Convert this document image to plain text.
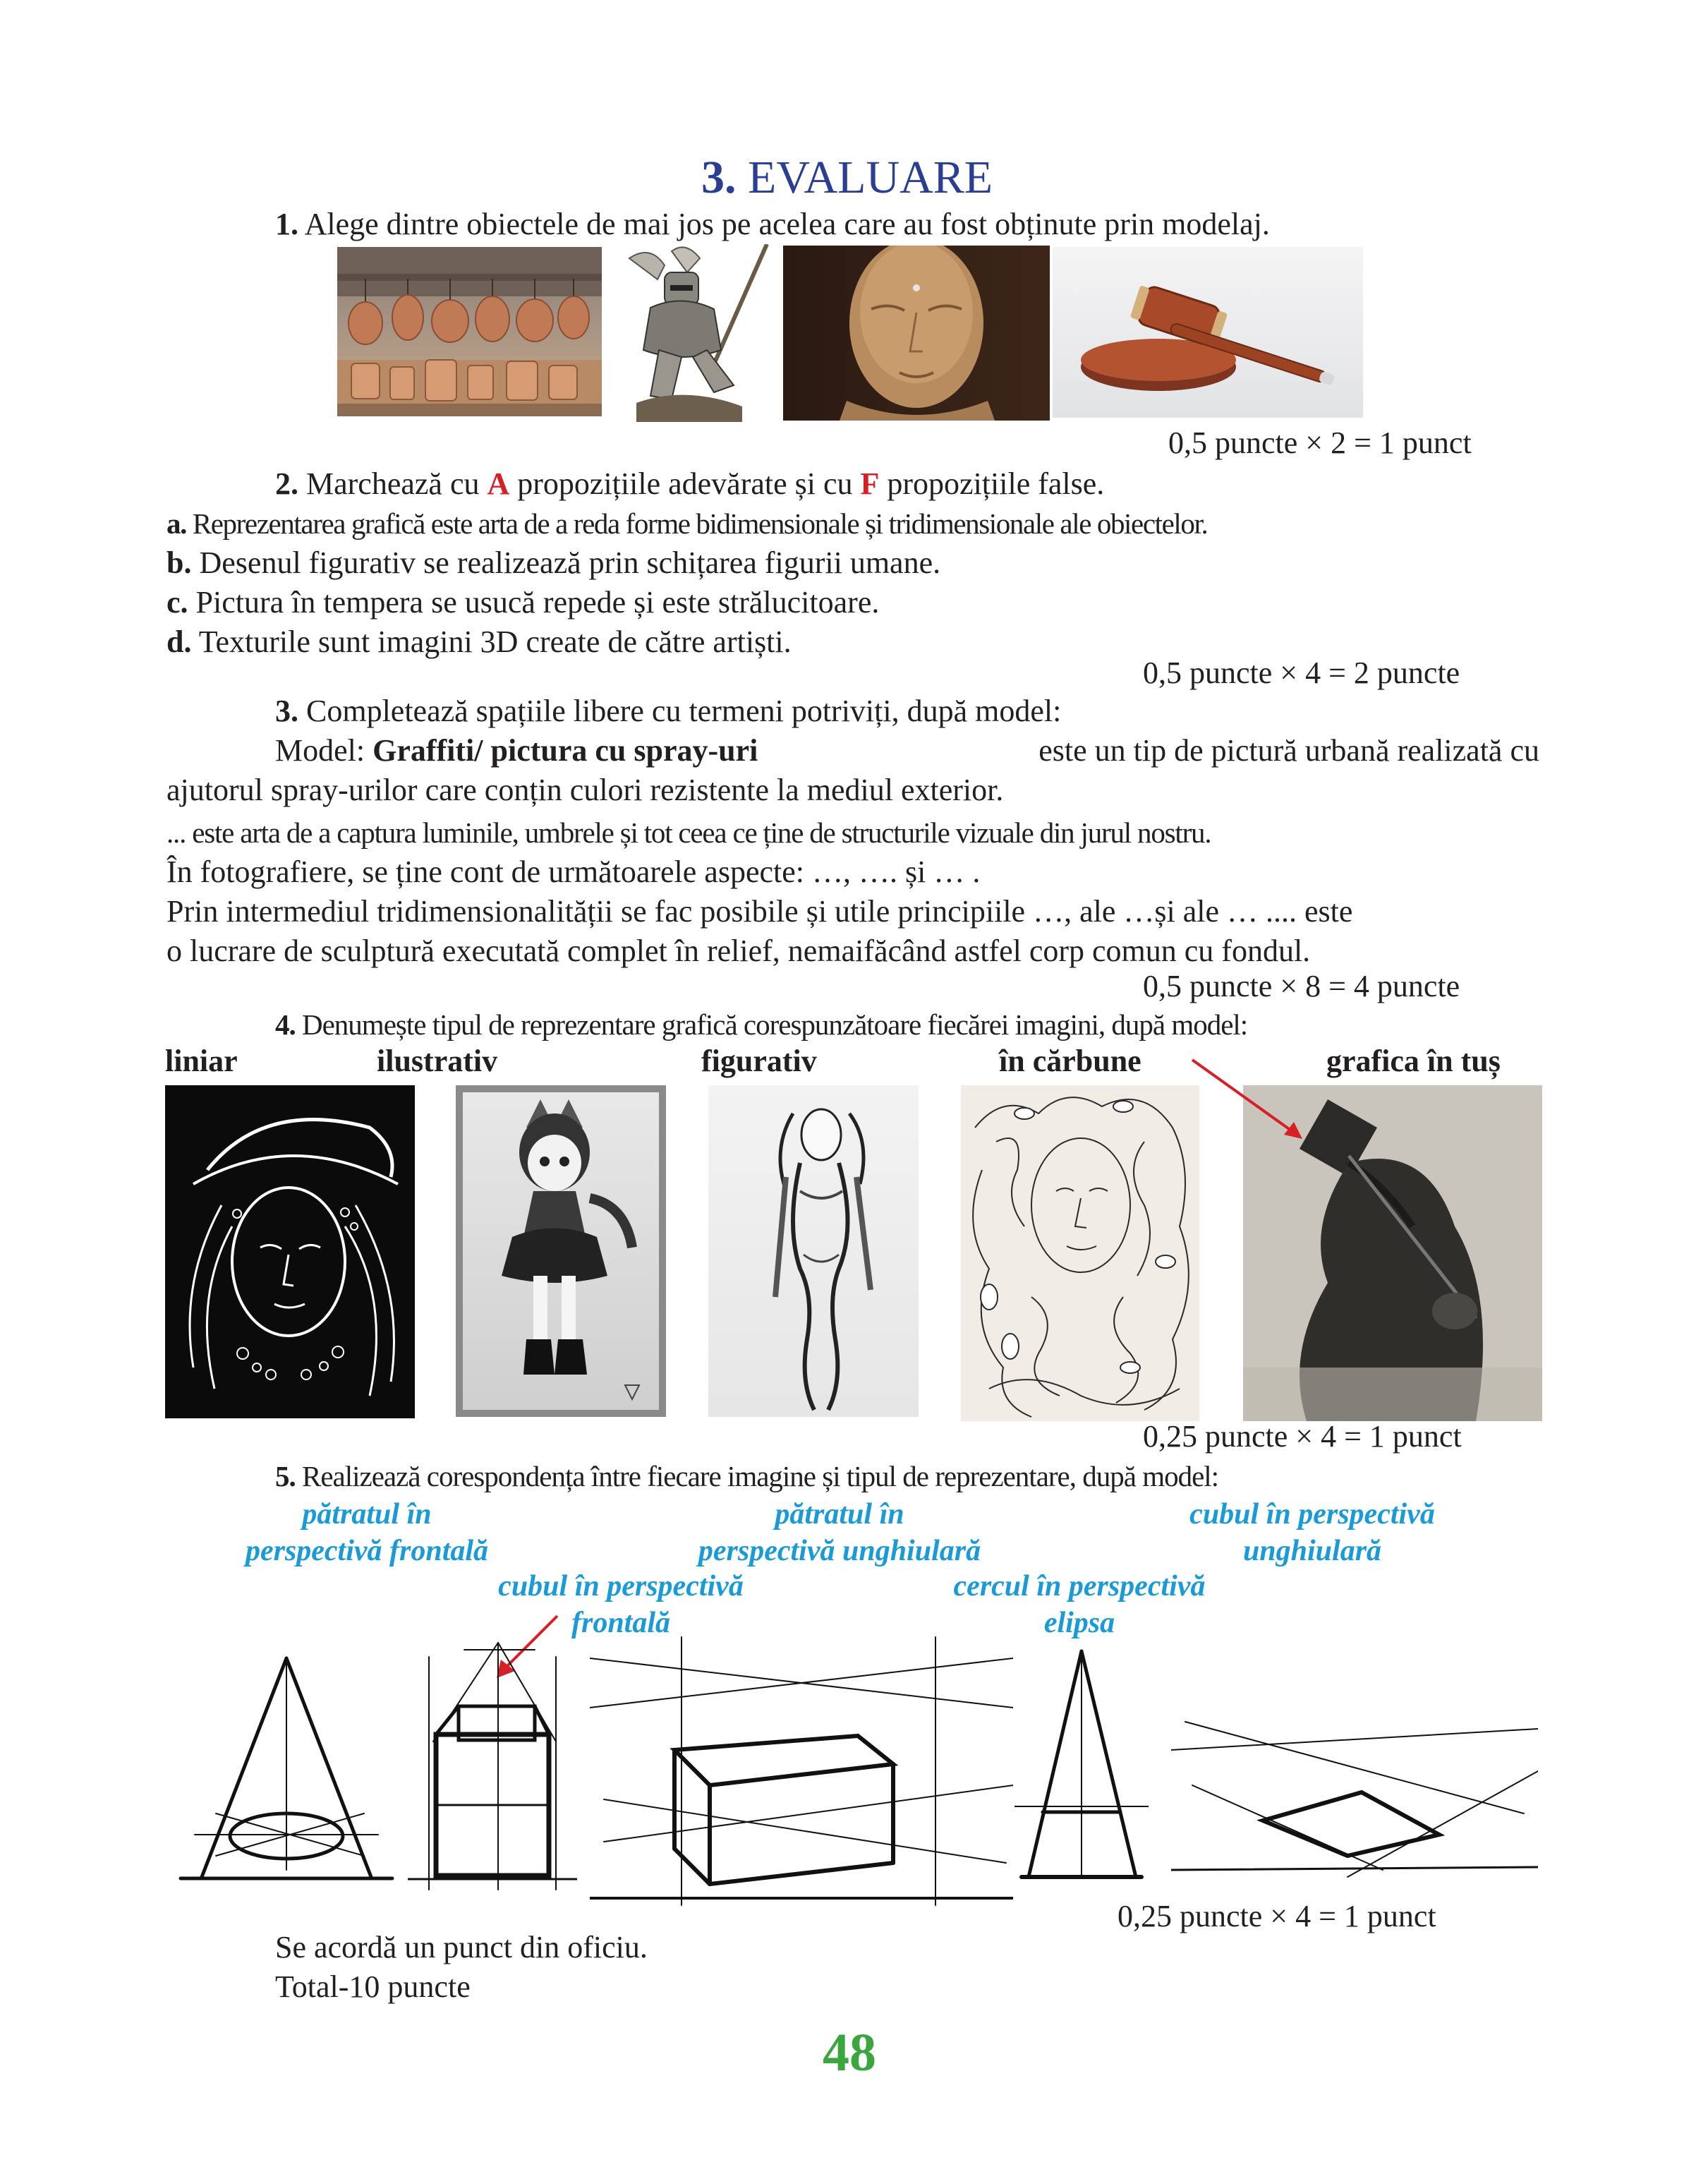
3. EVALUARE
1. Alege dintre obiectele de mai jos pe acelea care au fost obținute prin modelaj.
0,5 puncte × 2 = 1 punct
2. Marchează cu A propozițiile adevărate și cu F propozițiile false.
a. Reprezentarea grafică este arta de a reda forme bidimensionale și tridimensionale ale obiectelor.
b. Desenul figurativ se realizează prin schițarea figurii umane.
c. Pictura în tempera se usucă repede și este strălucitoare.
d. Texturile sunt imagini 3D create de către artiști.
0,5 puncte × 4 = 2 puncte
3. Completează spațiile libere cu termeni potriviți, după model:
Model: Graffiti/ pictura cu spray-uri	este un tip de pictură urbană realizată cu
ajutorul spray-urilor care conțin culori rezistente la mediul exterior.
... este arta de a captura luminile, umbrele și tot ceea ce ține de structurile vizuale din jurul nostru.
În fotografiere, se ține cont de următoarele aspecte: …, …. și … .
Prin intermediul tridimensionalității se fac posibile și utile principiile …, ale …și ale … .... este
o lucrare de sculptură executată complet în relief, nemaifăcând astfel corp comun cu fondul.
0,5 puncte × 8 = 4 puncte
4. Denumește tipul de reprezentare grafică corespunzătoare fiecărei imagini, după model:
liniar	ilustrativ	figurativ	în cărbune	grafica în tuș
0,25 puncte × 4 = 1 punct
5. Realizează corespondența între fiecare imagine și tipul de reprezentare, după model:
pătratul în
perspectivă frontală
pătratul în
perspectivă unghiulară
cubul în perspectivă
unghiulară
cubul în perspectivă
frontală
cercul în perspectivă
elipsa
0,25 puncte × 4 = 1 punct
Se acordă un punct din oficiu.
Total-10 puncte
48
